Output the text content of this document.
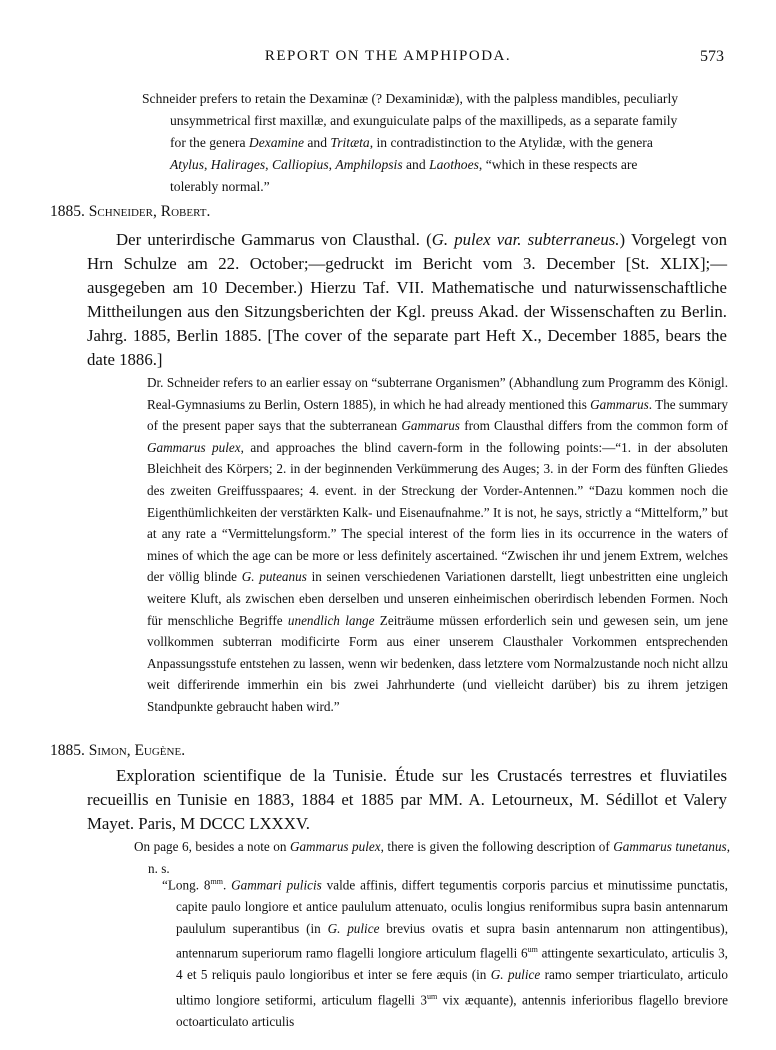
REPORT ON THE AMPHIPODA.	573

Schneider prefers to retain the Dexaminæ (? Dexaminidæ), with the palpless mandibles, peculiarly

unsymmetrical first maxillæ, and exunguiculate palps of the maxillipeds, as a separate family

for the genera Dexamine and Tritæta, in contradistinction to the Atylidæ, with the genera

Atylus, Halirages, Calliopius, Amphilopsis and Laothoes, “which in these respects are

tolerably normal.”

1885. Schneider, Robert.

Der unterirdische Gammarus von Clausthal. (G. pulex var. subterraneus.) Vorgelegt von Hrn Schulze am 22. October;—gedruckt im Bericht vom 3. December [St. XLIX];—ausgegeben am 10 December.) Hierzu Taf. VII. Mathematische und naturwissenschaftliche Mittheilungen aus den Sitzungsberichten der Kgl. preuss Akad. der Wissenschaften zu Berlin. Jahrg. 1885, Berlin 1885. [The cover of the separate part Heft X., December 1885, bears the date 1886.]

Dr. Schneider refers to an earlier essay on “subterrane Organismen” (Abhandlung zum Programm des Königl. Real-Gymnasiums zu Berlin, Ostern 1885), in which he had already mentioned this Gammarus. The summary of the present paper says that the subterranean Gammarus from Clausthal differs from the common form of Gammarus pulex, and approaches the blind cavern-form in the following points:—“1. in der absoluten Bleichheit des Körpers; 2. in der beginnenden Verkümmerung des Auges; 3. in der Form des fünften Gliedes des zweiten Greiffusspaares; 4. event. in der Streckung der Vorder-Antennen.” “Dazu kommen noch die Eigenthümlichkeiten der verstärkten Kalk- und Eisenaufnahme.” It is not, he says, strictly a “Mittelform,” but at any rate a “Vermittelungsform.” The special interest of the form lies in its occurrence in the waters of mines of which the age can be more or less definitely ascertained. “Zwischen ihr und jenem Extrem, welches der völlig blinde G. puteanus in seinen verschiedenen Variationen darstellt, liegt unbestritten eine ungleich weitere Kluft, als zwischen eben derselben und unseren einheimischen oberirdisch lebenden Formen. Noch für menschliche Begriffe unendlich lange Zeiträume müssen erforderlich sein und gewesen sein, um jene vollkommen subterran modificirte Form aus einer unserem Clausthaler Vorkommen entsprechenden Anpassungsstufe entstehen zu lassen, wenn wir bedenken, dass letztere vom Normalzustande noch nicht allzu weit differirende immerhin ein bis zwei Jahrhunderte (und vielleicht darüber) bis zu ihrem jetzigen Standpunkte gebraucht haben wird.”

1885. Simon, Eugène.

Exploration scientifique de la Tunisie. Étude sur les Crustacés terrestres et fluviatiles recueillis en Tunisie en 1883, 1884 et 1885 par MM. A. Letourneux, M. Sédillot et Valery Mayet. Paris, M DCCC LXXXV.

On page 6, besides a note on Gammarus pulex, there is given the following description of Gammarus tunetanus, n. s.

“Long. $8^{mm}$. Gammari pulicis valde affinis, differt tegumentis corporis parcius et minutissime punctatis, capite paulo longiore et antice paululum attenuato, oculis longius reniformibus supra basin antennarum paululum superantibus (in G. pulice brevius ovatis et supra basin antennarum non attingentibus), antennarum superiorum ramo flagelli longiore articulum flagelli $6^{um}$ attingente sexarticulato, articulis 3, 4 et 5 reliquis paulo longioribus et inter se fere æquis (in G. pulice ramo semper triarticulato, articulo ultimo longiore setiformi, articulum flagelli $3^{um}$ vix æquante), antennis inferioribus flagello breviore octoarticulato articulis
